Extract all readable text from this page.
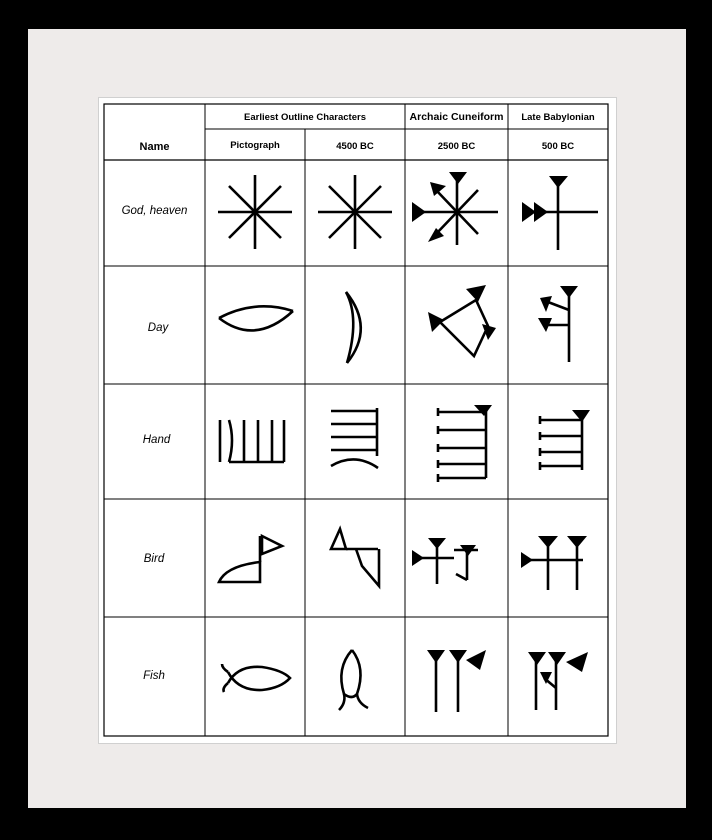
Earliest Outline Characters	Archaic Cuneiform	Late Babylonian
Name	Pictograph	4500 BC	2500 BC	500 BC
God, heaven
Day
Hand
Bird
Fish
